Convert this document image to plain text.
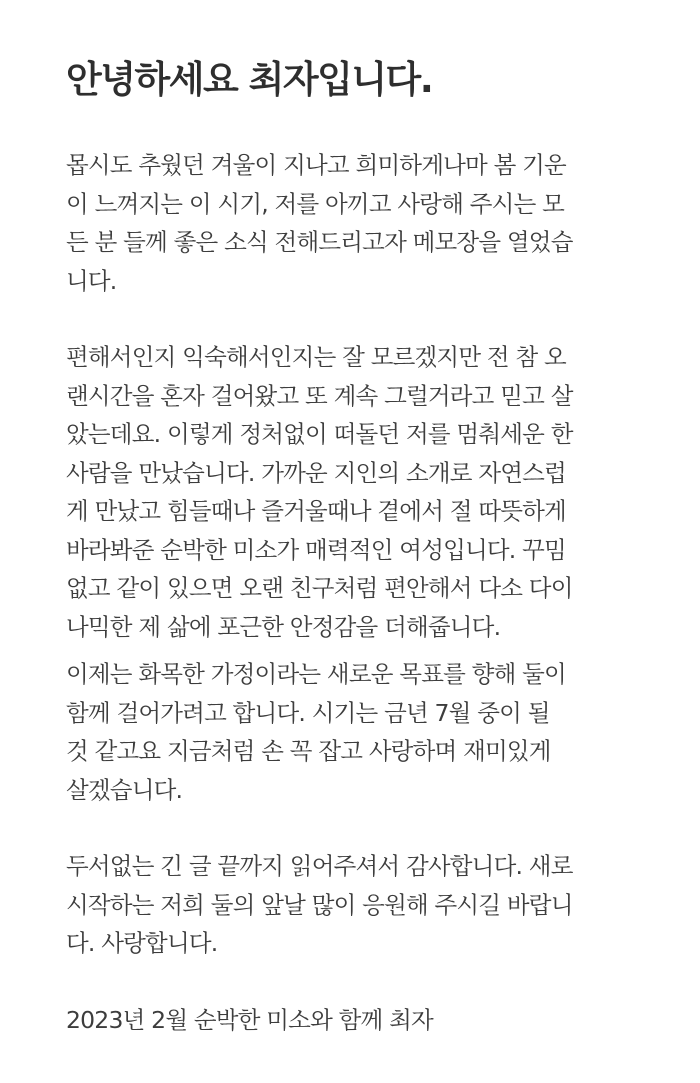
안녕하세요 최자입니다.
몹시도 추웠던 겨울이 지나고 희미하게나마 봄 기운
이 느껴지는 이 시기, 저를 아끼고 사랑해 주시는 모
든 분 들께 좋은 소식 전해드리고자 메모장을 열었습
니다.
편해서인지 익숙해서인지는 잘 모르겠지만 전 참 오
랜시간을 혼자 걸어왔고 또 계속 그럴거라고 믿고 살
았는데요. 이렇게 정처없이 떠돌던 저를 멈춰세운 한
사람을 만났습니다. 가까운 지인의 소개로 자연스럽
게 만났고 힘들때나 즐거울때나 곁에서 절 따뜻하게
바라봐준 순박한 미소가 매력적인 여성입니다. 꾸밈
없고 같이 있으면 오랜 친구처럼 편안해서 다소 다이
나믹한 제 삶에 포근한 안정감을 더해줍니다.
이제는 화목한 가정이라는 새로운 목표를 향해 둘이
함께 걸어가려고 합니다. 시기는 금년 7월 중이 될
것 같고요 지금처럼 손 꼭 잡고 사랑하며 재미있게
살겠습니다.
두서없는 긴 글 끝까지 읽어주셔서 감사합니다. 새로
시작하는 저희 둘의 앞날 많이 응원해 주시길 바랍니
다. 사랑합니다.
2023년 2월 순박한 미소와 함께 최자
